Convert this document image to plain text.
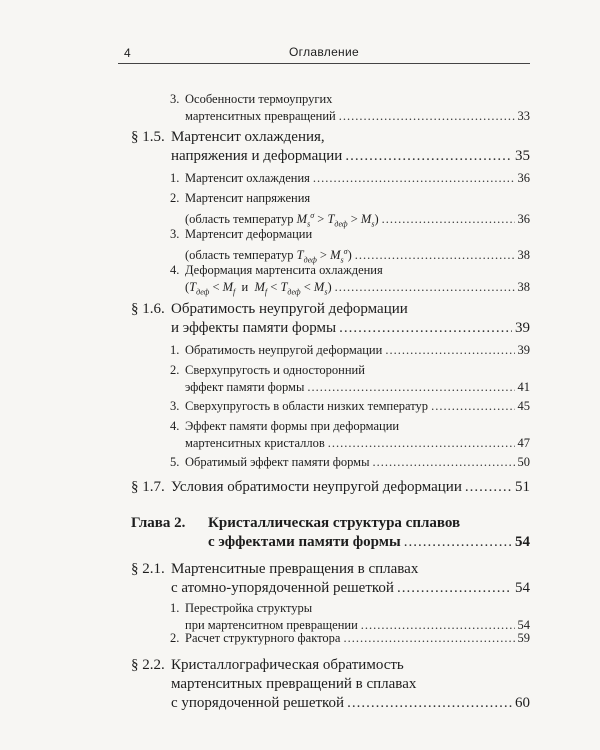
4	Оглавление
3. Особенности термоупругих
мартенситных превращений .....	33
§ 1.5. Мартенсит охлаждения,
напряжения и деформации .....	35
1. Мартенсит охлаждения .....	36
2. Мартенсит напряжения
(область температур $M_s^\sigma > T_{деф} > M_s$) .....	36
3. Мартенсит деформации
(область температур $T_{деф} > M_s^\sigma$) .....	38
4. Деформация мартенсита охлаждения
($T_{деф} < M_f$  и  $M_f < T_{деф} < M_s$) .....	38
§ 1.6. Обратимость неупругой деформации
и эффекты памяти формы .....	39
1. Обратимость неупругой деформации .....	39
2. Сверхупругость и односторонний
эффект памяти формы .....	41
3. Сверхупругость в области низких температур .....	45
4. Эффект памяти формы при деформации
мартенситных кристаллов .....	47
5. Обратимый эффект памяти формы .....	50
§ 1.7. Условия обратимости неупругой деформации .....	51
Глава 2. Кристаллическая структура сплавов
с эффектами памяти формы .....	54
§ 2.1. Мартенситные превращения в сплавах
с атомно-упорядоченной решеткой .....	54
1. Перестройка структуры
при мартенситном превращении .....	54
2. Расчет структурного фактора .....	59
§ 2.2. Кристаллографическая обратимость
мартенситных превращений в сплавах
с упорядоченной решеткой .....	60
